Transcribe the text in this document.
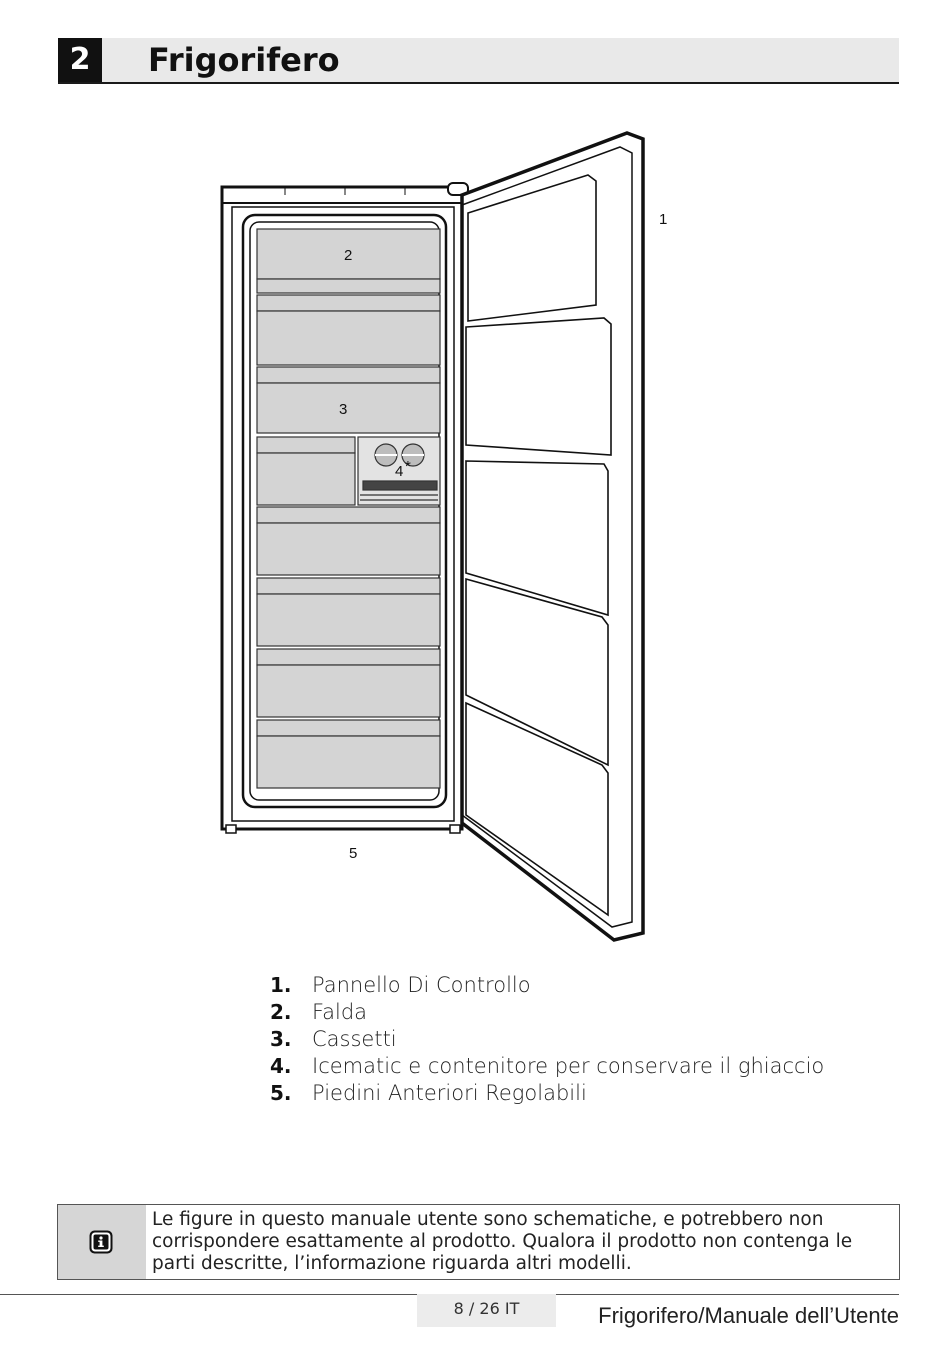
2	Frigorifero
1
2
3
4 *
5
1. Pannello Di Controllo
2. Falda
3. Cassetti
4. Icematic e contenitore per conservare il ghiaccio
5. Piedini Anteriori Regolabili
Le figure in questo manuale utente sono schematiche, e potrebbero non corrispondere esattamente al prodotto. Qualora il prodotto non contenga le parti descritte, l’informazione riguarda altri modelli.
8 / 26 IT	Frigorifero/Manuale dell’Utente
